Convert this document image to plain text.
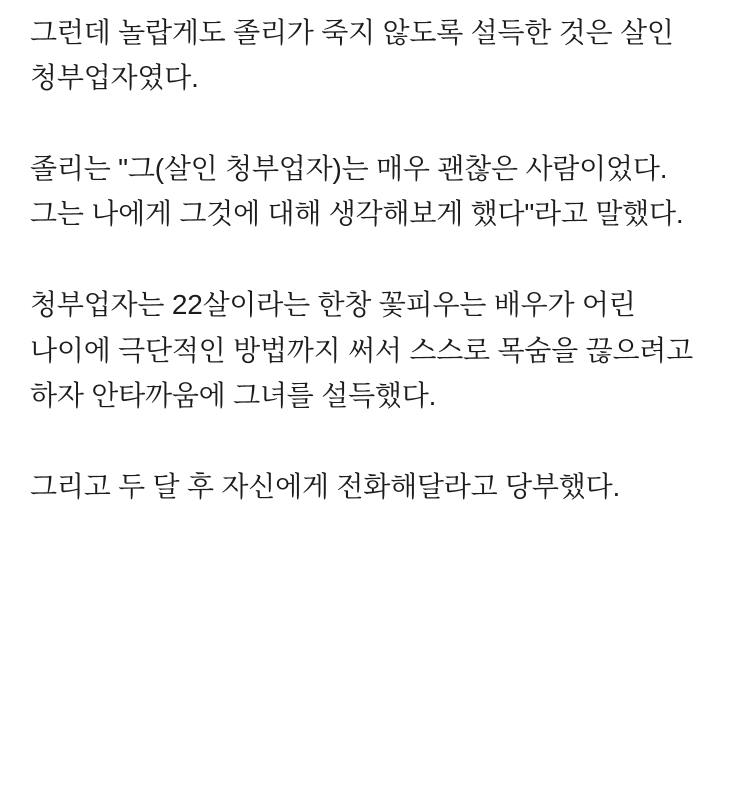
그런데 놀랍게도 졸리가 죽지 않도록 설득한 것은 살인 청부업자였다.

졸리는 "그(살인 청부업자)는 매우 괜찮은 사람이었다. 그는 나에게 그것에 대해 생각해보게 했다"라고 말했다.

청부업자는 22살이라는 한창 꽃피우는 배우가 어린 나이에 극단적인 방법까지 써서 스스로 목숨을 끊으려고 하자 안타까움에 그녀를 설득했다.

그리고 두 달 후 자신에게 전화해달라고 당부했다.
